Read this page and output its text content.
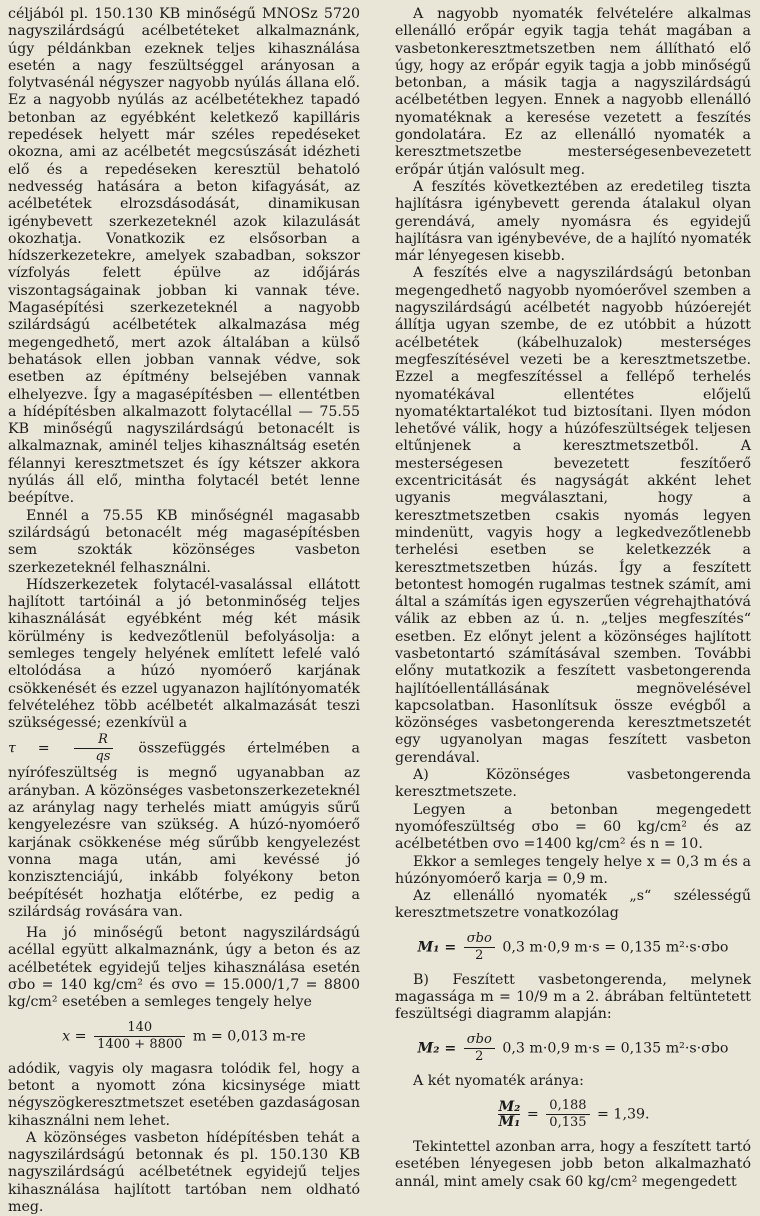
céljából pl. 150.130 KB minőségű MNOSz 5720 nagyszilárdságú acélbetéteket alkalmaznánk, úgy példánkban ezeknek teljes kihasználása esetén a nagy feszültséggel arányosan a folytvasénál négyszer nagyobb nyúlás állana elő. Ez a nagyobb nyúlás az acélbetétekhez tapadó betonban az egyébként keletkező kapilláris repedések helyett már széles repedéseket okozna, ami az acélbetét megcsúszását idézheti elő és a repedéseken keresztül behatoló nedvesség hatására a beton kifagyását, az acélbetétek elrozsdásodását, dinamikusan igénybevett szerkezeteknél azok kilazulását okozhatja. Vonatkozik ez elsősorban a hídszerkezetekre, amelyek szabadban, sokszor vízfolyás felett épülve az időjárás viszontagságainak jobban ki vannak téve. Magasépítési szerkezeteknél a nagyobb szilárdságú acélbetétek alkalmazása még megengedhető, mert azok általában a külső behatások ellen jobban vannak védve, sok esetben az építmény belsejében vannak elhelyezve. Így a magasépítésben — ellentétben a hídépítésben alkalmazott folytacéllal — 75.55 KB minőségű nagyszilárdságú betonacélt is alkalmaznak, aminél teljes kihasználtság esetén félannyi keresztmetszet és így kétszer akkora nyúlás áll elő, mintha folytacél betét lenne beépítve.

Ennél a 75.55 KB minőségnél magasabb szilárdságú betonacélt még magasépítésben sem szokták közönséges vasbeton szerkezeteknél felhasználni.

Hídszerkezetek folytacél-vasalással ellátott hajlított tartóinál a jó betonminőség teljes kihasználását egyébként még két másik körülmény is kedvezőtlenül befolyásolja: a semleges tengely helyének említett lefelé való eltolódása a húzó nyomóerő karjának csökkenését és ezzel ugyanazon hajlítónyomaték felvételéhez több acélbetét alkalmazását teszi szükségessé; ezenkívül a
$\tau = \frac{R}{qs}$ összefüggés értelmében a nyírófeszültség is megnő ugyanabban az arányban. A közönséges vasbetonszerkezeteknél az aránylag nagy terhelés miatt amúgyis sűrű kengyelezésre van szükség. A húzó-nyomóerő karjának csökkenése még sűrűbb kengyelezést vonna maga után, ami kevéssé jó konzisztenciájú, inkább folyékony beton beépítését hozhatja előtérbe, ez pedig a szilárdság rovására van.

Ha jó minőségű betont nagyszilárdságú acéllal együtt alkalmaznánk, úgy a beton és az acélbetétek egyidejű teljes kihasználása esetén σbo = 140 kg/cm² és σvo = 15.000/1,7 = 8800 kg/cm² esetében a semleges tengely helye

$x = \frac{140}{1400 + 8800}$ m = 0,013 m-re

adódik, vagyis oly magasra tolódik fel, hogy a betont a nyomott zóna kicsinysége miatt négyszögkeresztmetszet esetében gazdaságosan kihasználni nem lehet.

A közönséges vasbeton hídépítésben tehát a nagyszilárdságú betonnak és pl. 150.130 KB nagyszilárdságú acélbetétnek egyidejű teljes kihasználása hajlított tartóban nem oldható meg.

A nagyobb nyomaték felvételére alkalmas ellenálló erőpár egyik tagja tehát magában a vasbetonkeresztmetszetben nem állítható elő úgy, hogy az erőpár egyik tagja a jobb minőségű betonban, a másik tagja a nagyszilárdságú acélbetétben legyen. Ennek a nagyobb ellenálló nyomatéknak a keresése vezetett a feszítés gondolatára. Ez az ellenálló nyomaték a keresztmetszetbe mesterségesenbevezetett erőpár útján valósult meg.

A feszítés következtében az eredetileg tiszta hajlításra igénybevett gerenda átalakul olyan gerendává, amely nyomásra és egyidejű hajlításra van igénybevéve, de a hajlító nyomaték már lényegesen kisebb.

A feszítés elve a nagyszilárdságú betonban megengedhető nagyobb nyomóerővel szemben a nagyszilárdságú acélbetét nagyobb húzóerejét állítja ugyan szembe, de ez utóbbit a húzott acélbetétek (kábelhuzalok) mesterséges megfeszítésével vezeti be a keresztmetszetbe. Ezzel a megfeszítéssel a fellépő terhelés nyomatékával ellentétes előjelű nyomatéktartalékot tud biztosítani. Ilyen módon lehetővé válik, hogy a húzófeszültségek teljesen eltűnjenek a keresztmetszetből. A mesterségesen bevezetett feszítőerő excentricitását és nagyságát akként lehet ugyanis megválasztani, hogy a keresztmetszetben csakis nyomás legyen mindenütt, vagyis hogy a legkedvezőtlenebb terhelési esetben se keletkezzék a keresztmetszetben húzás. Így a feszített betontest homogén rugalmas testnek számít, ami által a számítás igen egyszerűen végrehajthatóvá válik az ebben az ú. n. „teljes megfeszítés“ esetben. Ez előnyt jelent a közönséges hajlított vasbetontartó számításával szemben. További előny mutatkozik a feszített vasbetongerenda hajlítóellentállásának megnövelésével kapcsolatban. Hasonlítsuk össze evégből a közönséges vasbetongerenda keresztmetszetét egy ugyanolyan magas feszített vasbeton gerendával.

A) Közönséges vasbetongerenda keresztmetszete.

Legyen a betonban megengedett nyomófeszültség σbo = 60 kg/cm² és az acélbetétben σvo =1400 kg/cm² és n = 10.

Ekkor a semleges tengely helye x = 0,3 m és a húzónyomóerő karja = 0,9 m.

Az ellenálló nyomaték „s“ szélességű keresztmetszetre vonatkozólag

$M_1 = \frac{\text{σbo}}{2} 0,3$ m·0,9 m·s = 0,135 m²·s·σbo

B) Feszített vasbetongerenda, melynek magassága m = 10/9 m a 2. ábrában feltüntetett feszültségi diagramm alapján:

$M_2 = \frac{\text{σbo}}{2} 0,3$ m·0,9 m·s = 0,135 m²·s·σbo

A két nyomaték aránya:

$\frac{\text{M₂}}{\text{M₁}} = \frac{0,188}{0,135} = 1,39$.

Tekintettel azonban arra, hogy a feszített tartó esetében lényegesen jobb beton alkalmazható annál, mint amely csak 60 kg/cm² megengedett
